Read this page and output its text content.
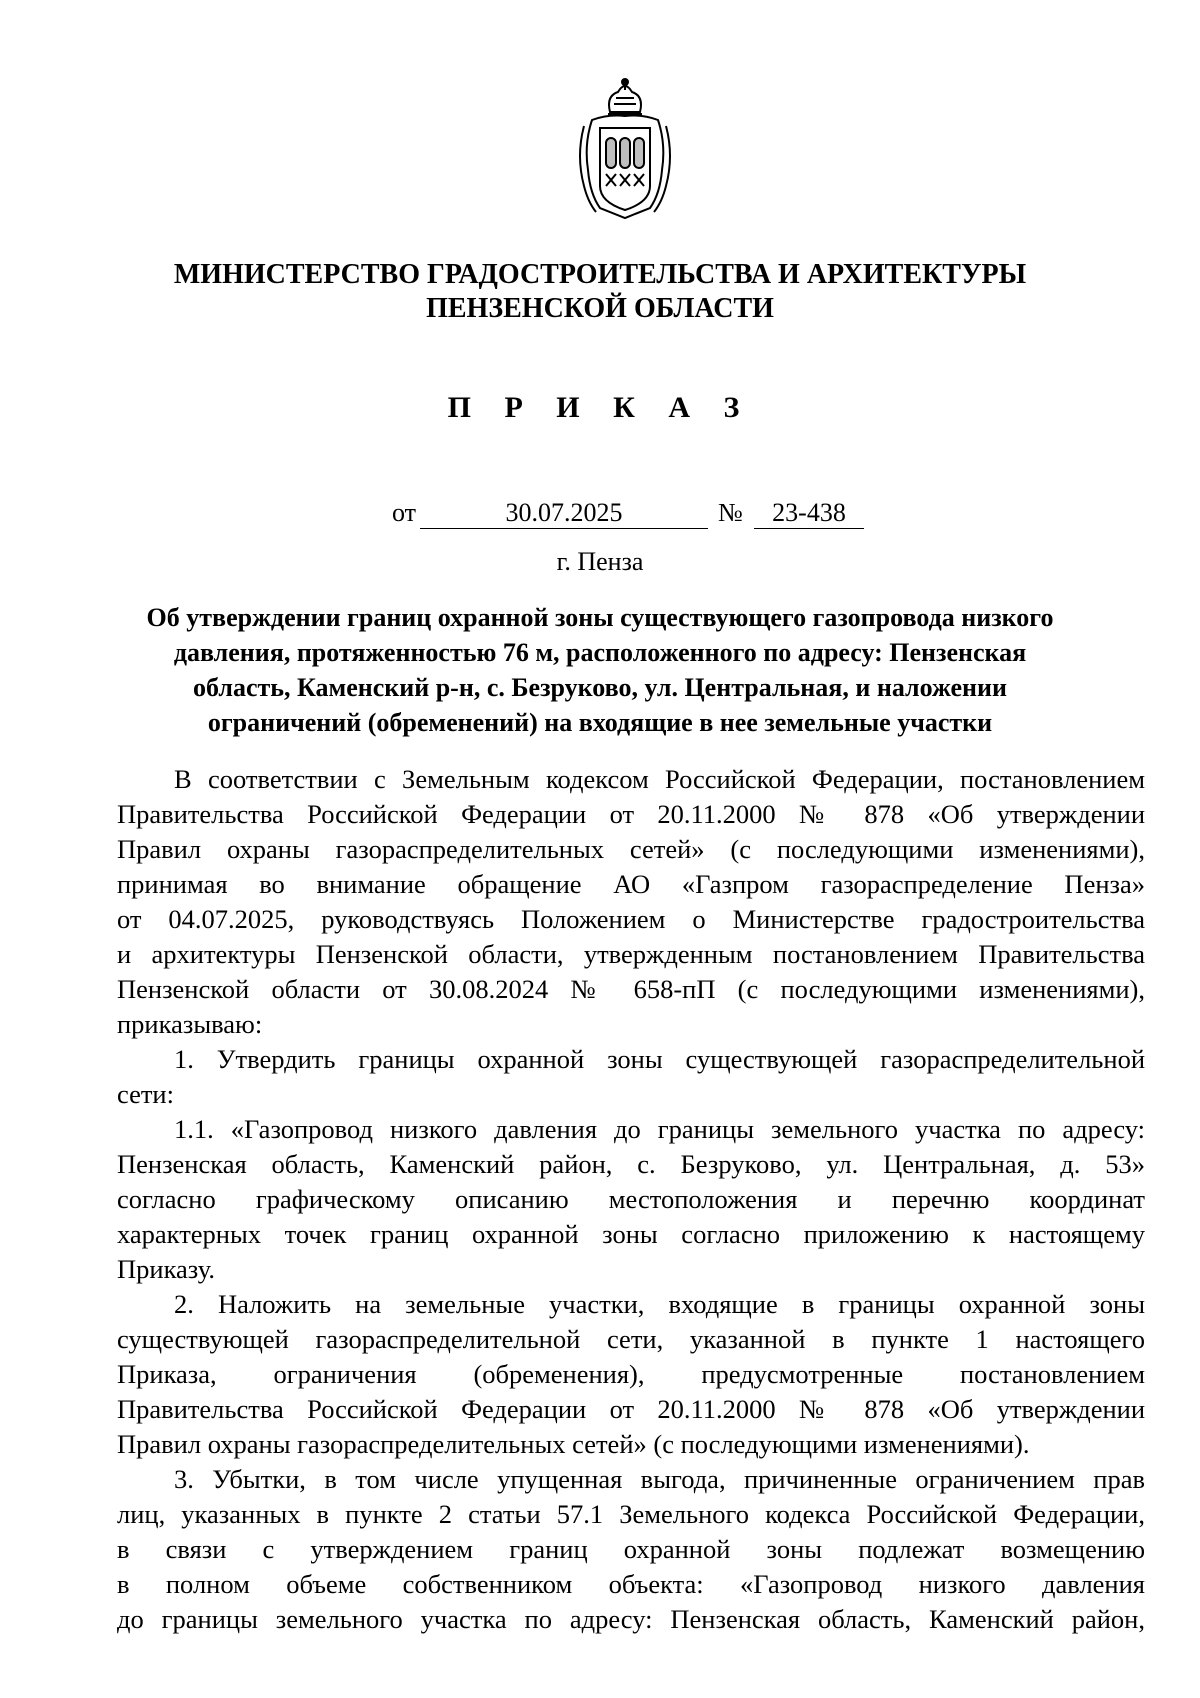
МИНИСТЕРСТВО ГРАДОСТРОИТЕЛЬСТВА И АРХИТЕКТУРЫ
ПЕНЗЕНСКОЙ ОБЛАСТИ
П Р И К А З
от	30.07.2025	№	23-438
г. Пенза
Об утверждении границ охранной зоны существующего газопровода низкого
давления, протяженностью 76 м, расположенного по адресу: Пензенская
область, Каменский р-н, с. Безруково, ул. Центральная, и наложении
ограничений (обременений) на входящие в нее земельные участки
В соответствии с Земельным кодексом Российской Федерации, постановлением
Правительства Российской Федерации от 20.11.2000 № 878 «Об утверждении
Правил охраны газораспределительных сетей» (с последующими изменениями),
принимая во внимание обращение АО «Газпром газораспределение Пенза»
от 04.07.2025, руководствуясь Положением о Министерстве градостроительства
и архитектуры Пензенской области, утвержденным постановлением Правительства
Пензенской области от 30.08.2024 № 658-пП (с последующими изменениями),
приказываю:
1. Утвердить границы охранной зоны существующей газораспределительной
сети:
1.1. «Газопровод низкого давления до границы земельного участка по адресу:
Пензенская область, Каменский район, с. Безруково, ул. Центральная, д. 53»
согласно графическому описанию местоположения и перечню координат
характерных точек границ охранной зоны согласно приложению к настоящему
Приказу.
2. Наложить на земельные участки, входящие в границы охранной зоны
существующей газораспределительной сети, указанной в пункте 1 настоящего
Приказа, ограничения (обременения), предусмотренные постановлением
Правительства Российской Федерации от 20.11.2000 № 878 «Об утверждении
Правил охраны газораспределительных сетей» (с последующими изменениями).
3. Убытки, в том числе упущенная выгода, причиненные ограничением прав
лиц, указанных в пункте 2 статьи 57.1 Земельного кодекса Российской Федерации,
в связи с утверждением границ охранной зоны подлежат возмещению
в полном объеме собственником объекта: «Газопровод низкого давления
до границы земельного участка по адресу: Пензенская область, Каменский район,
